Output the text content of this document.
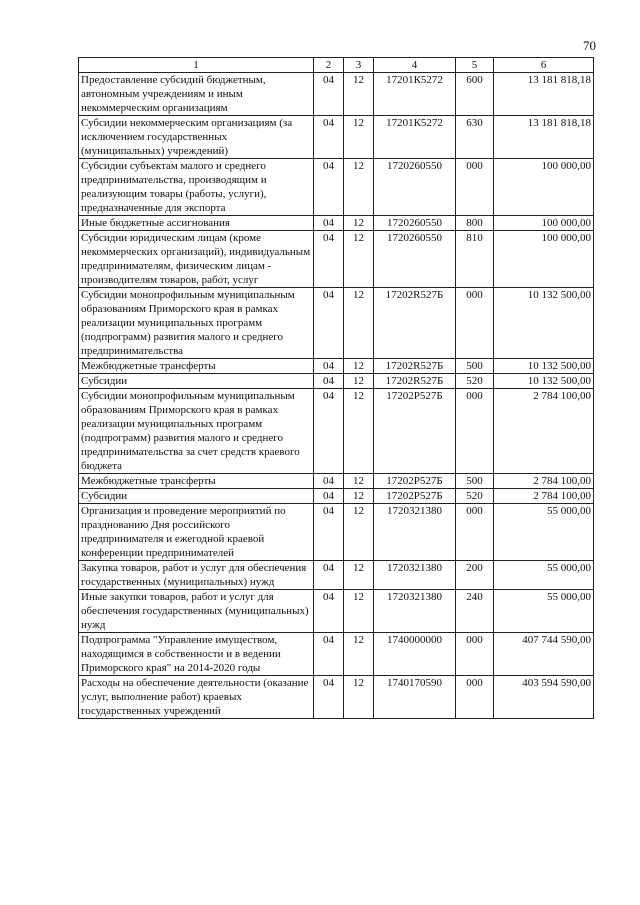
70
1	2	3	4	5	6
Предоставление субсидий бюджетным, автономным учреждениям и иным некоммерческим организациям	04	12	17201К5272	600	13 181 818,18
Субсидии некоммерческим организациям (за исключением государственных (муниципальных) учреждений)	04	12	17201К5272	630	13 181 818,18
Субсидии субъектам малого и среднего предпринимательства, производящим и реализующим товары (работы, услуги), предназначенные для экспорта	04	12	1720260550	000	100 000,00
Иные бюджетные ассигнования	04	12	1720260550	800	100 000,00
Субсидии юридическим лицам (кроме некоммерческих организаций), индивидуальным предпринимателям, физическим лицам - производителям товаров, работ, услуг	04	12	1720260550	810	100 000,00
Субсидии монопрофильным муниципальным образованиям Приморского края в рамках реализации муниципальных программ (подпрограмм) развития малого и среднего предпринимательства	04	12	17202R527Б	000	10 132 500,00
Межбюджетные трансферты	04	12	17202R527Б	500	10 132 500,00
Субсидии	04	12	17202R527Б	520	10 132 500,00
Субсидии монопрофильным муниципальным образованиям Приморского края в рамках реализации муниципальных программ (подпрограмм) развития малого и среднего предпринимательства за счет средств краевого бюджета	04	12	17202Р527Б	000	2 784 100,00
Межбюджетные трансферты	04	12	17202Р527Б	500	2 784 100,00
Субсидии	04	12	17202Р527Б	520	2 784 100,00
Организация и проведение мероприятий по празднованию Дня российского предпринимателя и ежегодной краевой конференции предпринимателей	04	12	1720321380	000	55 000,00
Закупка товаров, работ и услуг для обеспечения государственных (муниципальных) нужд	04	12	1720321380	200	55 000,00
Иные закупки товаров, работ и услуг для обеспечения государственных (муниципальных) нужд	04	12	1720321380	240	55 000,00
Подпрограмма "Управление имуществом, находящимся в собственности и в ведении Приморского края" на 2014-2020 годы	04	12	1740000000	000	407 744 590,00
Расходы на обеспечение деятельности (оказание услуг, выполнение работ) краевых государственных учреждений	04	12	1740170590	000	403 594 590,00
